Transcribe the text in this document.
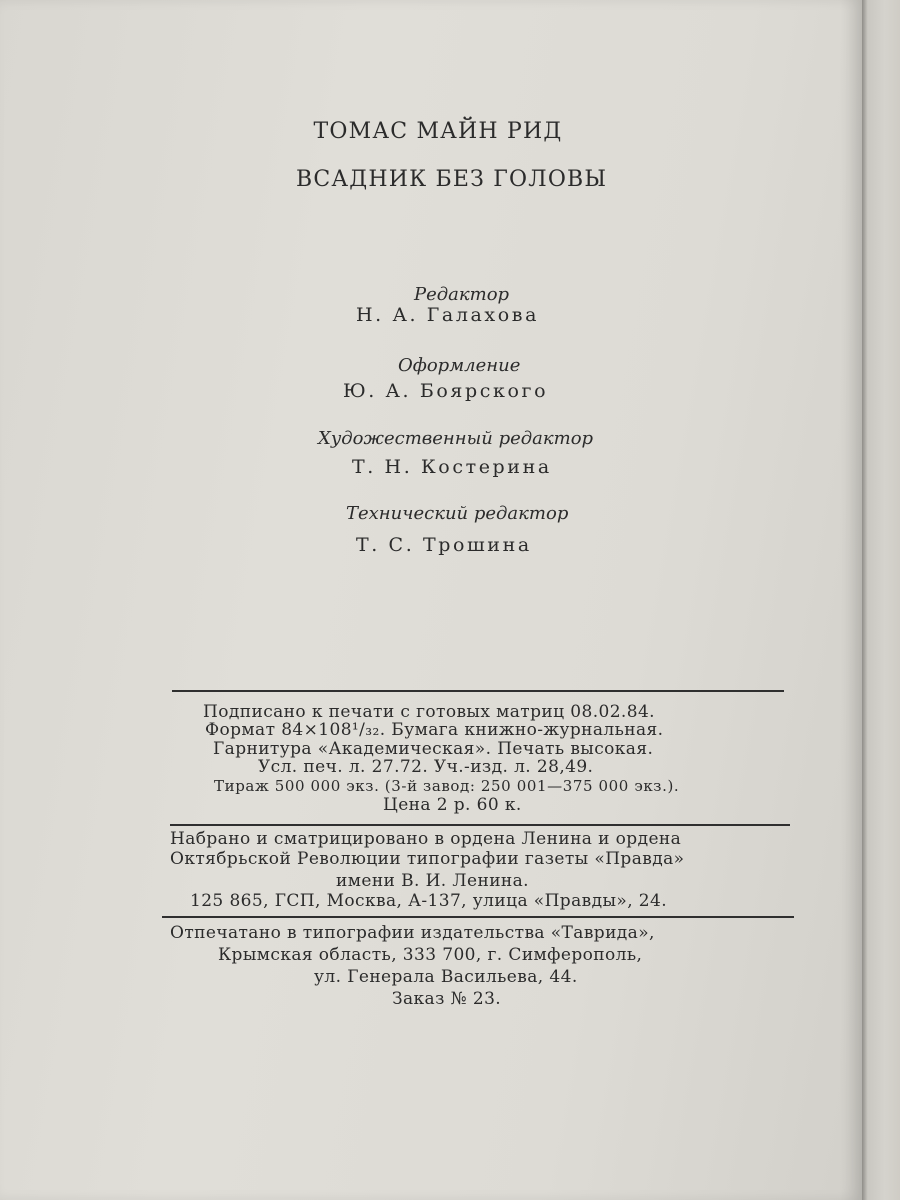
ТОМАС МАЙН РИД
ВСАДНИК БЕЗ ГОЛОВЫ
Редактор
Н. А. Галахова
Оформление
Ю. А. Боярского
Художественный редактор
Т. Н. Костерина
Технический редактор
Т. С. Трошина
Подписано к печати с готовых матриц 08.02.84.
Формат 84×108¹/₃₂. Бумага книжно-журнальная.
Гарнитура «Академическая». Печать высокая.
Усл. печ. л. 27.72. Уч.-изд. л. 28,49.
Тираж 500 000 экз. (3-й завод: 250 001—375 000 экз.).
Цена 2 р. 60 к.
Набрано и сматрицировано в ордена Ленина и ордена
Октябрьской Революции типографии газеты «Правда»
имени В. И. Ленина.
125 865, ГСП, Москва, А-137, улица «Правды», 24.
Отпечатано в типографии издательства «Таврида»,
Крымская область, 333 700, г. Симферополь,
ул. Генерала Васильева, 44.
Заказ № 23.
